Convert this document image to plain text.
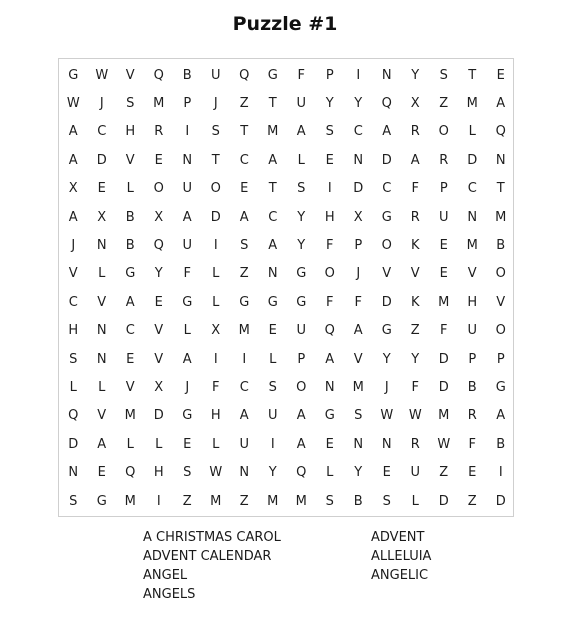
Puzzle #1
G	W	V	Q	B	U	Q	G	F	P	I	N	Y	S	T	E
W	J	S	M	P	J	Z	T	U	Y	Y	Q	X	Z	M	A
A	C	H	R	I	S	T	M	A	S	C	A	R	O	L	Q
A	D	V	E	N	T	C	A	L	E	N	D	A	R	D	N
X	E	L	O	U	O	E	T	S	I	D	C	F	P	C	T
A	X	B	X	A	D	A	C	Y	H	X	G	R	U	N	M
J	N	B	Q	U	I	S	A	Y	F	P	O	K	E	M	B
V	L	G	Y	F	L	Z	N	G	O	J	V	V	E	V	O
C	V	A	E	G	L	G	G	G	F	F	D	K	M	H	V
H	N	C	V	L	X	M	E	U	Q	A	G	Z	F	U	O
S	N	E	V	A	I	I	L	P	A	V	Y	Y	D	P	P
L	L	V	X	J	F	C	S	O	N	M	J	F	D	B	G
Q	V	M	D	G	H	A	U	A	G	S	W	W	M	R	A
D	A	L	L	E	L	U	I	A	E	N	N	R	W	F	B
N	E	Q	H	S	W	N	Y	Q	L	Y	E	U	Z	E	I
S	G	M	I	Z	M	Z	M	M	S	B	S	L	D	Z	D
A CHRISTMAS CAROL
ADVENT CALENDAR
ANGEL
ANGELS
ADVENT
ALLELUIA
ANGELIC
